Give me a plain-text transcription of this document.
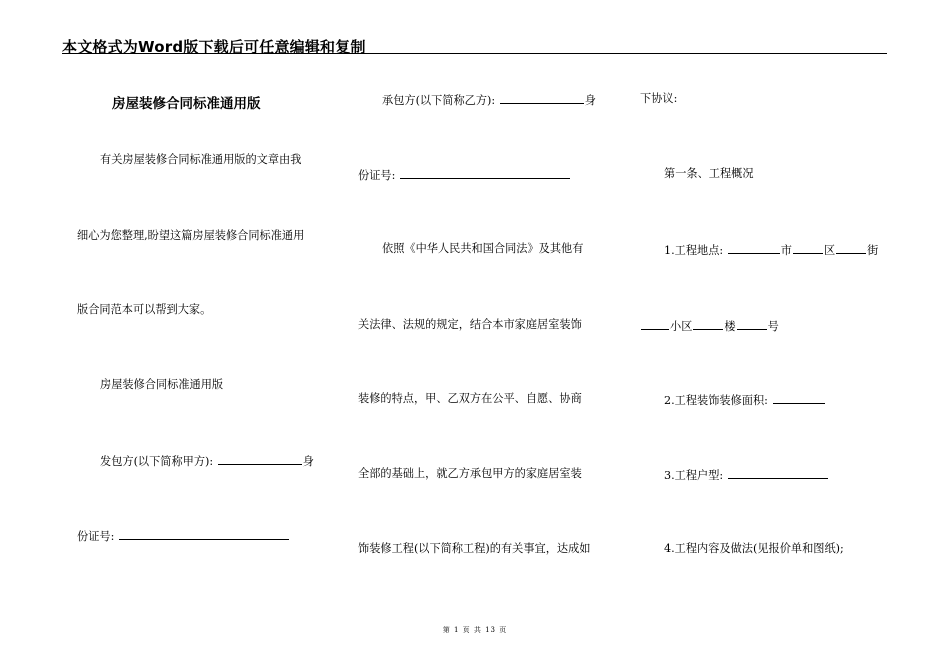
本文格式为Word版下载后可任意编辑和复制
房屋装修合同标准通用版
有关房屋装修合同标准通用版的文章由我
细心为您整理,盼望这篇房屋装修合同标准通用
版合同范本可以帮到大家。
房屋装修合同标准通用版
发包方(以下简称甲方):	身
份证号:
承包方(以下简称乙方):	身
份证号:
依照《中华人民共和国合同法》及其他有
关法律、法规的规定，结合本市家庭居室装饰
装修的特点，甲、乙双方在公平、自愿、协商
全部的基础上，就乙方承包甲方的家庭居室装
饰装修工程(以下简称工程)的有关事宜，达成如
下协议:
第一条、工程概况
1.工程地点:	市	区	街
小区	楼	号
2.工程装饰装修面积:
3.工程户型:
4.工程内容及做法(见报价单和图纸);
第 1 页 共 13 页
